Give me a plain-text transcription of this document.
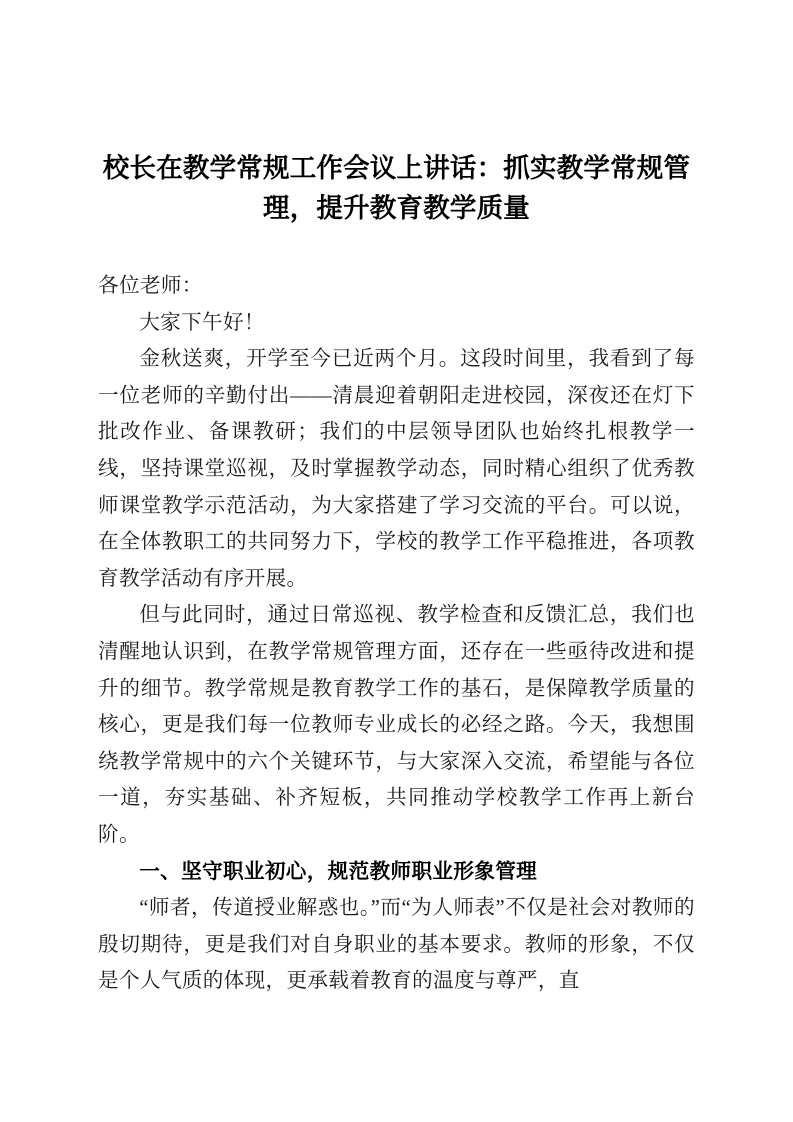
校长在教学常规工作会议上讲话：抓实教学常规管理，提升教育教学质量

各位老师：

大家下午好！

金秋送爽，开学至今已近两个月。这段时间里，我看到了每一位老师的辛勤付出——清晨迎着朝阳走进校园，深夜还在灯下批改作业、备课教研；我们的中层领导团队也始终扎根教学一线，坚持课堂巡视，及时掌握教学动态，同时精心组织了优秀教师课堂教学示范活动，为大家搭建了学习交流的平台。可以说，在全体教职工的共同努力下，学校的教学工作平稳推进，各项教育教学活动有序开展。

但与此同时，通过日常巡视、教学检查和反馈汇总，我们也清醒地认识到，在教学常规管理方面，还存在一些亟待改进和提升的细节。教学常规是教育教学工作的基石，是保障教学质量的核心，更是我们每一位教师专业成长的必经之路。今天，我想围绕教学常规中的六个关键环节，与大家深入交流，希望能与各位一道，夯实基础、补齐短板，共同推动学校教学工作再上新台阶。

一、坚守职业初心，规范教师职业形象管理

“师者，传道授业解惑也。”而“为人师表”不仅是社会对教师的殷切期待，更是我们对自身职业的基本要求。教师的形象，不仅是个人气质的体现，更承载着教育的温度与尊严，直
